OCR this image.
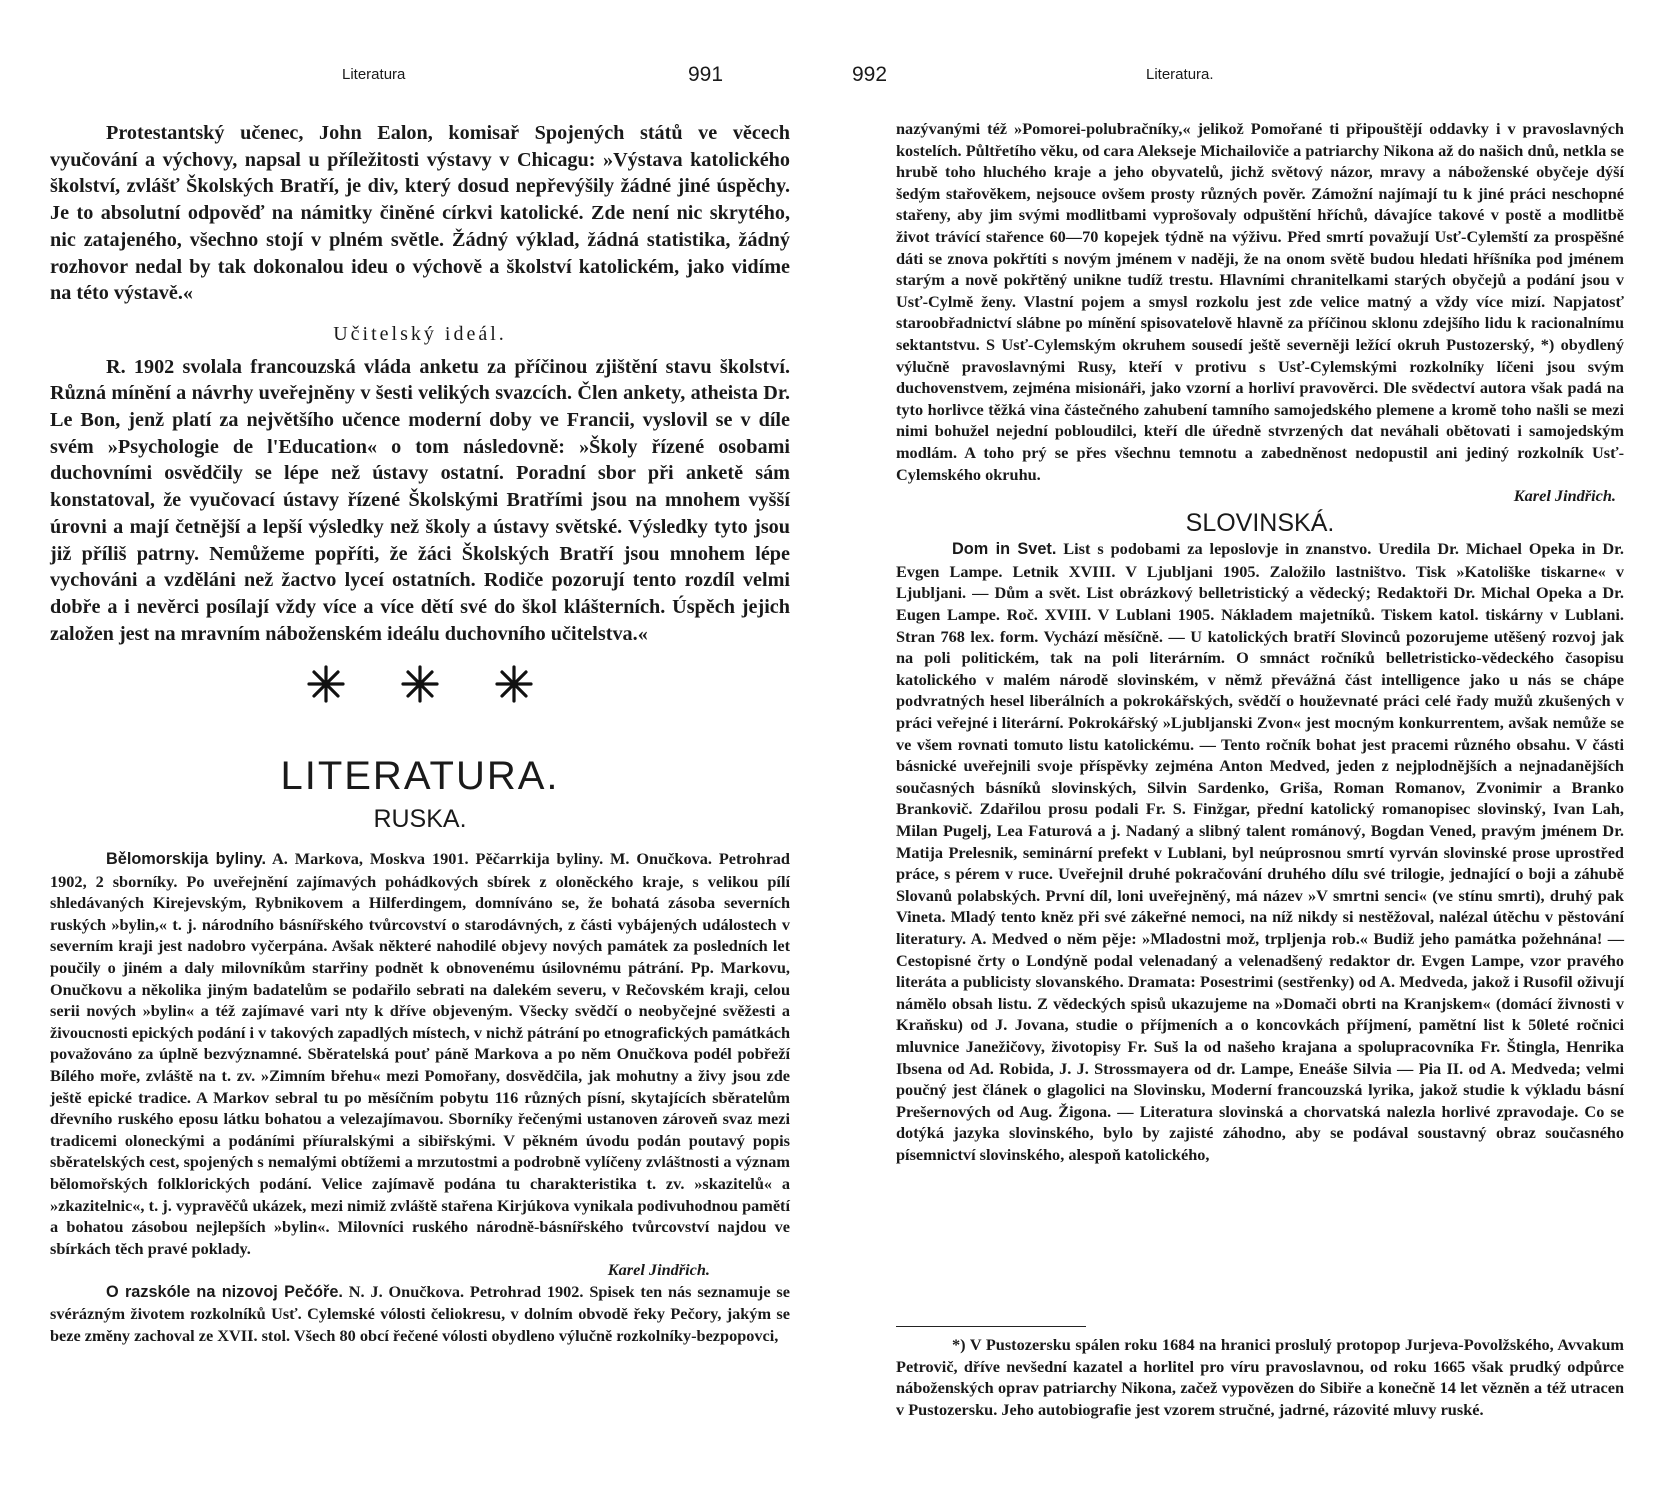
Literatura	991

Protestantský učenec, John Ealon, komisař Spojených států ve věcech vyučování a výchovy, napsal u příležitosti výstavy v Chicagu: »Výstava katolického školství, zvlášť Školských Bratří, je div, který dosud nepřevýšily žádné jiné úspěchy. Je to absolutní odpověď na námitky činěné církvi katolické. Zde není nic skrytého, nic zatajeného, všechno stojí v plném světle. Žádný výklad, žádná statistika, žádný rozhovor nedal by tak dokonalou ideu o výchově a školství katolickém, jako vidíme na této výstavě.«

Učitelský ideál.

R. 1902 svolala francouzská vláda anketu za příčinou zjištění stavu školství. Různá mínění a návrhy uveřejněny v šesti velikých svazcích. Člen ankety, atheista Dr. Le Bon, jenž platí za největšího učence moderní doby ve Francii, vyslovil se v díle svém »Psychologie de l'Education« o tom následovně: »Školy řízené osobami duchovními osvědčily se lépe než ústavy ostatní. Poradní sbor při anketě sám konstatoval, že vyučovací ústavy řízené Školskými Bratřími jsou na mnohem vyšší úrovni a mají četnější a lepší výsledky než školy a ústavy světské. Výsledky tyto jsou již příliš patrny. Nemůžeme popříti, že žáci Školských Bratří jsou mnohem lépe vychováni a vzděláni než žactvo lyceí ostatních. Rodiče pozorují tento rozdíl velmi dobře a i nevěrci posílají vždy více a více dětí své do škol klášterních. Úspěch jejich založen jest na mravním náboženském ideálu duchovního učitelstva.«

LITERATURA.
RUSKA.

Bělomorskija byliny. A. Markova, Moskva 1901. Pěčarrkija byliny. M. Onučkova. Petrohrad 1902, 2 sborníky. Po uveřejnění zajímavých pohádkových sbírek z oloněckého kraje, s velikou pílí shledávaných Kirejevským, Rybnikovem a Hilferdingem, domníváno se, že bohatá zásoba severních ruských »bylin,« t. j. národního básnířského tvůrcovství o starodávných, z části vybájených událostech v severním kraji jest nadobro vyčerpána. Avšak některé nahodilé objevy nových památek za posledních let poučily o jiném a daly milovníkům starřiny podnět k obnovenému úsilovnému pátrání. Pp. Markovu, Onučkovu a několika jiným badatelům se podařilo sebrati na dalekém severu, v Rečovském kraji, celou serii nových »bylin« a též zajímavé vari nty k dříve objeveným. Všecky svědčí o neobyčejné svěžesti a živoucnosti epických podání i v takových zapadlých místech, v nichž pátrání po etnografických památkách považováno za úplně bezvýznamné. Sběratelská pouť páně Markova a po něm Onučkova podél pobřeží Bílého moře, zvláště na t. zv. »Zimním břehu« mezi Pomořany, dosvědčila, jak mohutny a živy jsou zde ještě epické tradice. A Markov sebral tu po měsíčním pobytu 116 různých písní, skytajících sběratelům dřevního ruského eposu látku bohatou a velezajímavou. Sborníky řečenými ustanoven zároveň svaz mezi tradicemi oloneckými a podáními příuralskými a sibiřskými. V pěkném úvodu podán poutavý popis sběratelských cest, spojených s nemalými obtížemi a mrzutostmi a podrobně vylíčeny zvláštnosti a význam bělomořských folklorických podání. Velice zajímavě podána tu charakteristika t. zv. »skazitelů« a »zkazitelnic«, t. j. vypravěčů ukázek, mezi nimiž zvláště stařena Kirjúkova vynikala podivuhodnou pamětí a bohatou zásobou nejlepších »bylin«. Milovníci ruského národně-básnířského tvůrcovství najdou ve sbírkách těch pravé poklady.

Karel Jindřich.

O razskóle na nizovoj Pečóře. N. J. Onučkova. Petrohrad 1902. Spisek ten nás seznamuje se svérázným životem rozkolníků Usť. Cylemské vólosti čeliokresu, v dolním obvodě řeky Pečory, jakým se beze změny zachoval ze XVII. stol. Všech 80 obcí řečené vólosti obydleno výlučně rozkolníky-bezpopovci,

992	Literatura.

nazývanými též »Pomorei-polubračníky,« jelikož Pomořané ti připouštějí oddavky i v pravoslavných kostelích. Půltřetího věku, od cara Alekseje Michailoviče a patriarchy Nikona až do našich dnů, netkla se hrubě toho hluchého kraje a jeho obyvatelů, jichž světový názor, mravy a náboženské obyčeje dýší šedým stařověkem, nejsouce ovšem prosty různých pověr. Zámožní najímají tu k jiné práci neschopné stařeny, aby jim svými modlitbami vyprošovaly odpuštění hříchů, dávajíce takové v postě a modlitbě život trávící stařence 60—70 kopejek týdně na výživu. Před smrtí považují Usť-Cylemští za prospěšné dáti se znova pokřtíti s novým jménem v naději, že na onom světě budou hledati hříšníka pod jménem starým a nově pokřtěný unikne tudíž trestu. Hlavními chranitelkami starých obyčejů a podání jsou v Usť-Cylmě ženy. Vlastní pojem a smysl rozkolu jest zde velice matný a vždy více mizí. Napjatosť staroobřadnictví slábne po mínění spisovatelově hlavně za příčinou sklonu zdejšího lidu k racionalnímu sektantstvu. S Usť-Cylemským okruhem sousedí ještě severněji ležící okruh Pustozerský, *) obydlený výlučně pravoslavnými Rusy, kteří v protivu s Usť-Cylemskými rozkolníky líčeni jsou svým duchovenstvem, zejména misionáři, jako vzorní a horliví pravověrci. Dle svědectví autora však padá na tyto horlivce těžká vina částečného zahubení tamního samojedského plemene a kromě toho našli se mezi nimi bohužel nejední pobloudilci, kteří dle úředně stvrzených dat neváhali obětovati i samojedským modlám. A toho prý se přes všechnu temnotu a zabedněnost nedopustil ani jediný rozkolník Usť-Cylemského okruhu.

Karel Jindřich.

SLOVINSKÁ.

Dom in Svet. List s podobami za leposlovje in znanstvo. Uredila Dr. Michael Opeka in Dr. Evgen Lampe. Letnik XVIII. V Ljubljani 1905. Založilo lastništvo. Tisk »Katoliške tiskarne« v Ljubljani. — Dům a svět. List obrázkový belletristický a vědecký; Redaktoři Dr. Michal Opeka a Dr. Eugen Lampe. Roč. XVIII. V Lublani 1905. Nákladem majetníků. Tiskem katol. tiskárny v Lublani. Stran 768 lex. form. Vychází měsíčně. — U katolických bratří Slovinců pozorujeme utěšený rozvoj jak na poli politickém, tak na poli literárním. O smnáct ročníků belletristicko-vědeckého časopisu katolického v malém národě slovinském, v němž převážná část intelligence jako u nás se chápe podvratných hesel liberálních a pokrokářských, svědčí o houževnaté práci celé řady mužů zkušených v práci veřejné i literární. Pokrokářský »Ljubljanski Zvon« jest mocným konkurrentem, avšak nemůže se ve všem rovnati tomuto listu katolickému. — Tento ročník bohat jest pracemi různého obsahu. V části básnické uveřejnili svoje příspěvky zejména Anton Medved, jeden z nejplodnějších a nejnadanějších současných básníků slovinských, Silvin Sardenko, Griša, Roman Romanov, Zvonimir a Branko Brankovič. Zdařilou prosu podali Fr. S. Finžgar, přední katolický romanopisec slovinský, Ivan Lah, Milan Pugelj, Lea Faturová a j. Nadaný a slibný talent románový, Bogdan Vened, pravým jménem Dr. Matija Prelesnik, seminární prefekt v Lublani, byl neúprosnou smrtí vyrván slovinské prose uprostřed práce, s pérem v ruce. Uveřejnil druhé pokračování druhého dílu své trilogie, jednající o boji a záhubě Slovanů polabských. První díl, loni uveřejněný, má název »V smrtni senci« (ve stínu smrti), druhý pak Vineta. Mladý tento kněz při své zákeřné nemoci, na níž nikdy si nestěžoval, nalézal útěchu v pěstování literatury. A. Medved o něm pěje: »Mladostni mož, trpljenja rob.« Budiž jeho památka požehnána! — Cestopisné črty o Londýně podal velenadaný a velenadšený redaktor dr. Evgen Lampe, vzor pravého literáta a publicisty slovanského. Dramata: Posestrimi (sestřenky) od A. Medveda, jakož i Rusofil oživují námělo obsah listu. Z vědeckých spisů ukazujeme na »Domači obrti na Kranjskem« (domácí živnosti v Kraňsku) od J. Jovana, studie o příjmeních a o koncovkách příjmení, pamětní list k 50leté ročnici mluvnice Janežičovy, životopisy Fr. Suš la od našeho krajana a spolupracovníka Fr. Štingla, Henrika Ibsena od Ad. Robida, J. J. Strossmayera od dr. Lampe, Eneáše Silvia — Pia II. od A. Medveda; velmi poučný jest článek o glagolici na Slovinsku, Moderní francouzská lyrika, jakož studie k výkladu básní Prešernových od Aug. Žigona. — Literatura slovinská a chorvatská nalezla horlivé zpravodaje. Co se dotýká jazyka slovinského, bylo by zajisté záhodno, aby se podával soustavný obraz současného písemnictví slovinského, alespoň katolického,

*) V Pustozersku spálen roku 1684 na hranici proslulý protopop Jurjeva-Povolžského, Avvakum Petrovič, dříve nevšední kazatel a horlitel pro víru pravoslavnou, od roku 1665 však prudký odpůrce náboženských oprav patriarchy Nikona, začež vypovězen do Sibiře a konečně 14 let vězněn a též utracen v Pustozersku. Jeho autobiografie jest vzorem stručné, jadrné, rázovité mluvy ruské.
